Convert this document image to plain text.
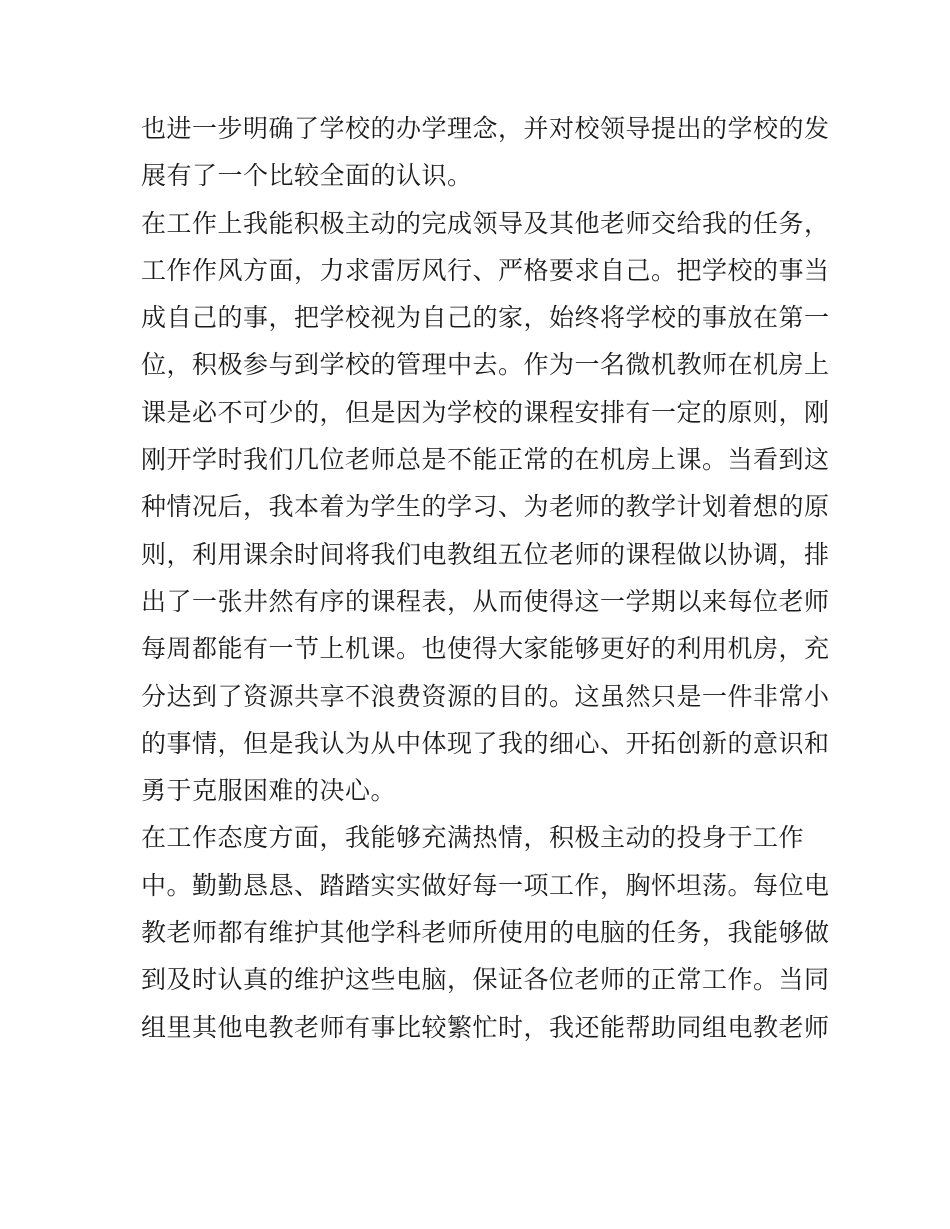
也进一步明确了学校的办学理念，并对校领导提出的学校的发
展有了一个比较全面的认识。
在工作上我能积极主动的完成领导及其他老师交给我的任务，
工作作风方面，力求雷厉风行、严格要求自己。把学校的事当
成自己的事，把学校视为自己的家，始终将学校的事放在第一
位，积极参与到学校的管理中去。作为一名微机教师在机房上
课是必不可少的，但是因为学校的课程安排有一定的原则，刚
刚开学时我们几位老师总是不能正常的在机房上课。当看到这
种情况后，我本着为学生的学习、为老师的教学计划着想的原
则，利用课余时间将我们电教组五位老师的课程做以协调，排
出了一张井然有序的课程表，从而使得这一学期以来每位老师
每周都能有一节上机课。也使得大家能够更好的利用机房，充
分达到了资源共享不浪费资源的目的。这虽然只是一件非常小
的事情，但是我认为从中体现了我的细心、开拓创新的意识和
勇于克服困难的决心。
在工作态度方面，我能够充满热情，积极主动的投身于工作
中。勤勤恳恳、踏踏实实做好每一项工作，胸怀坦荡。每位电
教老师都有维护其他学科老师所使用的电脑的任务，我能够做
到及时认真的维护这些电脑，保证各位老师的正常工作。当同
组里其他电教老师有事比较繁忙时，我还能帮助同组电教老师
